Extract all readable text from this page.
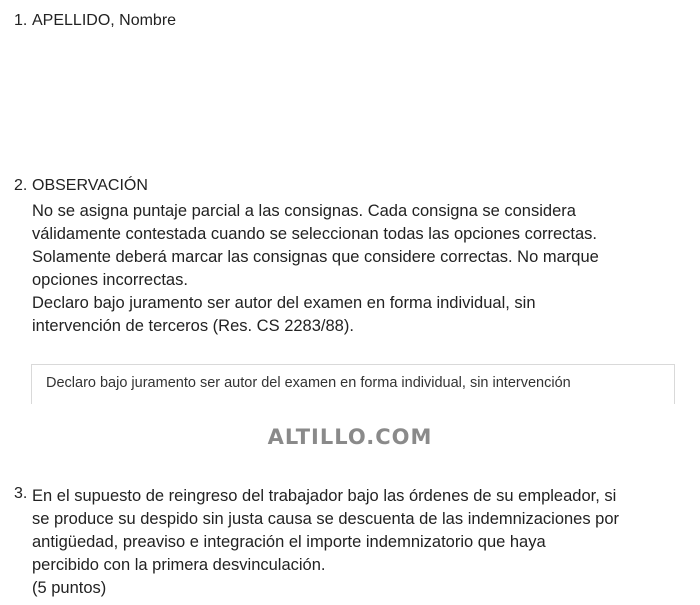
1. APELLIDO, Nombre
2. OBSERVACIÓN
No se asigna puntaje parcial a las consignas. Cada consigna se considera
válidamente contestada cuando se seleccionan todas las opciones correctas.
Solamente deberá marcar las consignas que considere correctas. No marque
opciones incorrectas.
Declaro bajo juramento ser autor del examen en forma individual, sin
intervención de terceros (Res. CS 2283/88).
Declaro bajo juramento ser autor del examen en forma individual, sin intervención
ALTILLO.COM
3. En el supuesto de reingreso del trabajador bajo las órdenes de su empleador, si
se produce su despido sin justa causa se descuenta de las indemnizaciones por
antigüedad, preaviso e integración el importe indemnizatorio que haya
percibido con la primera desvinculación.
(5 puntos)
